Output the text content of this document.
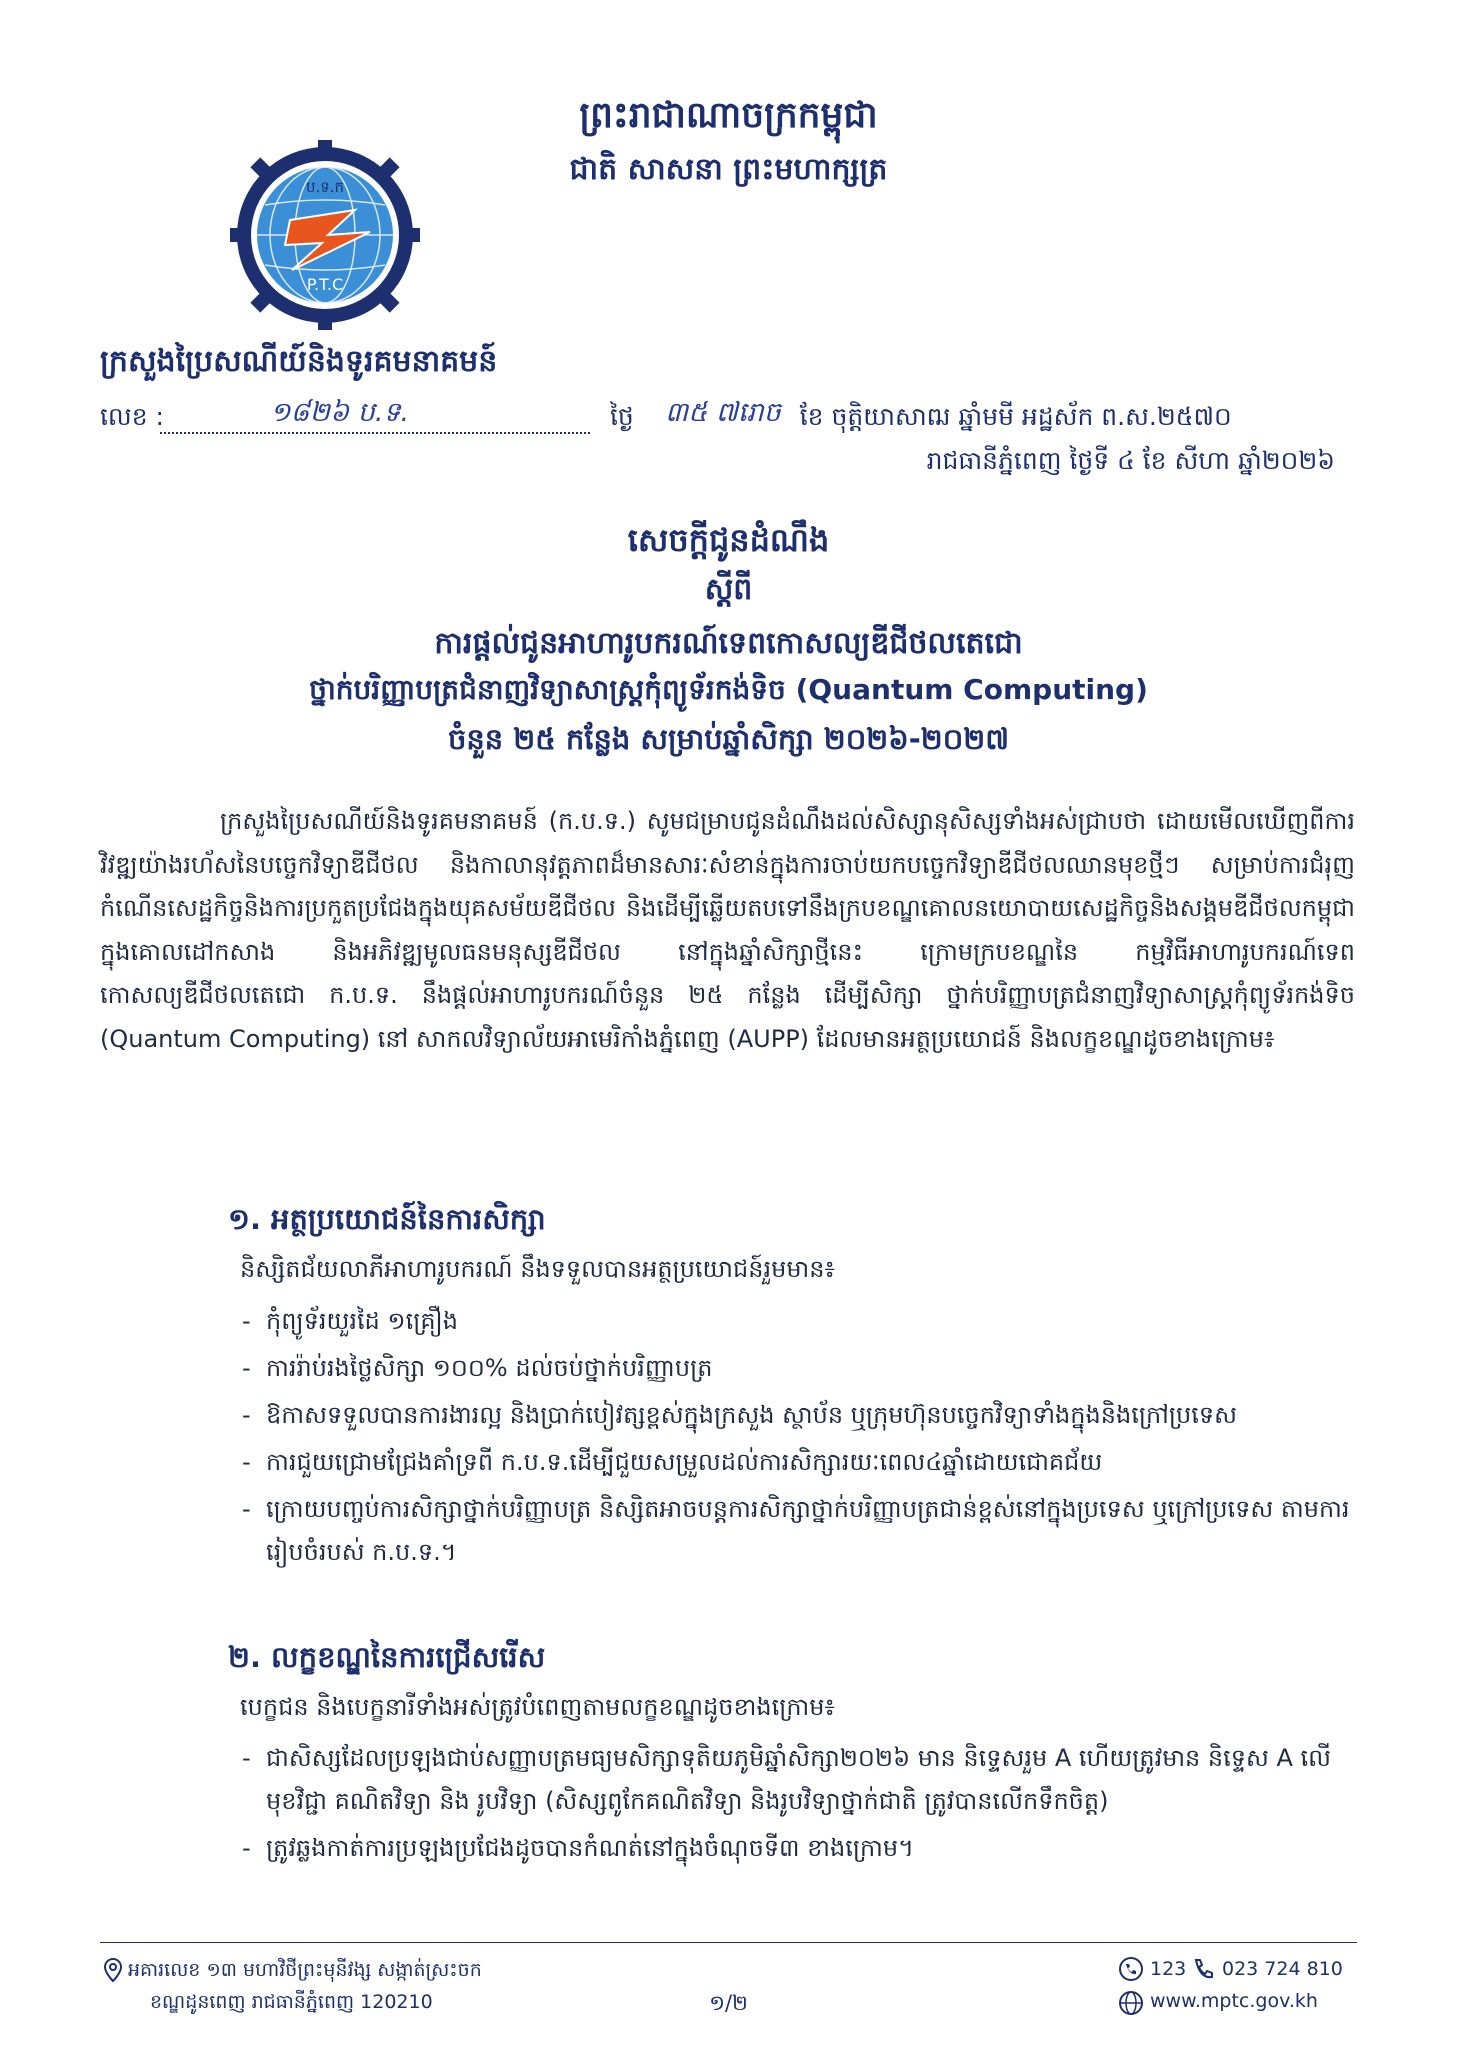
ព្រះរាជាណាចក្រកម្ពុជា
ជាតិ សាសនា ព្រះមហាក្សត្រ
ប.ទ.ក
P.T.C
ក្រសួងប្រៃសណីយ៍និងទូរគមនាគមន៍
លេខ :	១៨២៦ ប.ទ.	ថ្ងៃ	ខែ ចុត្តិយាសាឍ ឆ្នាំមមី អដ្ឋស័ក ព.ស.២៥៧០
៣៥ ៧រោច
រាជធានីភ្នំពេញ ថ្ងៃទី ៤ ខែ សីហា ឆ្នាំ២០២៦
សេចក្តីជូនដំណឹង
ស្តីពី
ការផ្តល់ជូនអាហារូបករណ៍ទេពកោសល្យឌីជីថលតេជោ
ថ្នាក់បរិញ្ញាបត្រជំនាញវិទ្យាសាស្ត្រកុំព្យូទ័រកង់ទិច (Quantum Computing)
ចំនួន ២៥ កន្លែង សម្រាប់ឆ្នាំសិក្សា ២០២៦-២០២៧
ក្រសួងប្រៃសណីយ៍និងទូរគមនាគមន៍ (ក.ប.ទ.) សូមជម្រាបជូនដំណឹងដល់សិស្សានុសិស្សទាំងអស់ជ្រាបថា ដោយមើលឃើញពីការវិវឌ្ឍយ៉ាងរហ័សនៃបច្ចេកវិទ្យាឌីជីថល និងកាលានុវត្តភាពដ៏មានសារៈសំខាន់ក្នុងការចាប់យកបច្ចេកវិទ្យាឌីជីថលឈានមុខថ្មីៗ សម្រាប់ការជំរុញកំណើនសេដ្ឋកិច្ចនិងការប្រកួតប្រជែងក្នុងយុគសម័យឌីជីថល និងដើម្បីឆ្លើយតបទៅនឹងក្របខណ្ឌគោលនយោបាយសេដ្ឋកិច្ចនិងសង្គមឌីជីថលកម្ពុជា ក្នុងគោលដៅកសាង និងអភិវឌ្ឍមូលធនមនុស្សឌីជីថល នៅក្នុងឆ្នាំសិក្សាថ្មីនេះ ក្រោមក្របខណ្ឌនៃ កម្មវិធីអាហារូបករណ៍ទេពកោសល្យឌីជីថលតេជោ ក.ប.ទ. នឹងផ្តល់អាហារូបករណ៍ចំនួន ២៥ កន្លែង ដើម្បីសិក្សា ថ្នាក់បរិញ្ញាបត្រជំនាញវិទ្យាសាស្ត្រកុំព្យូទ័រកង់ទិច (Quantum Computing) នៅ សាកលវិទ្យាល័យអាមេរិកាំងភ្នំពេញ (AUPP) ដែលមានអត្ថប្រយោជន៍ និងលក្ខខណ្ឌដូចខាងក្រោម៖
១. អត្ថប្រយោជន៍នៃការសិក្សា
និស្សិតជ័យលាភីអាហារូបករណ៍ នឹងទទួលបានអត្ថប្រយោជន៍រួមមាន៖
- កុំព្យូទ័រយួរដៃ ១គ្រឿង
- ការរ៉ាប់រងថ្លៃសិក្សា ១០០% ដល់ចប់ថ្នាក់បរិញ្ញាបត្រ
- ឱកាសទទួលបានការងារល្អ និងប្រាក់បៀវត្សខ្ពស់ក្នុងក្រសួង ស្ថាប័ន ឬក្រុមហ៊ុនបច្ចេកវិទ្យាទាំងក្នុងនិងក្រៅប្រទេស
- ការជួយជ្រោមជ្រែងគាំទ្រពី ក.ប.ទ.ដើម្បីជួយសម្រួលដល់ការសិក្សារយៈពេល៤ឆ្នាំដោយជោគជ័យ
- ក្រោយបញ្ចប់ការសិក្សាថ្នាក់បរិញ្ញាបត្រ និស្សិតអាចបន្តការសិក្សាថ្នាក់បរិញ្ញាបត្រជាន់ខ្ពស់នៅក្នុងប្រទេស ឬក្រៅប្រទេស តាមការរៀបចំរបស់ ក.ប.ទ.។
២. លក្ខខណ្ឌនៃការជ្រើសរើស
បេក្ខជន និងបេក្ខនារីទាំងអស់ត្រូវបំពេញតាមលក្ខខណ្ឌដូចខាងក្រោម៖
- ជាសិស្សដែលប្រឡងជាប់សញ្ញាបត្រមធ្យមសិក្សាទុតិយភូមិឆ្នាំសិក្សា២០២៦ មាន និទ្ទេសរួម A ហើយត្រូវមាន និទ្ទេស A លើមុខវិជ្ជា គណិតវិទ្យា និង រូបវិទ្យា (សិស្សពូកែគណិតវិទ្យា និងរូបវិទ្យាថ្នាក់ជាតិ ត្រូវបានលើកទឹកចិត្ត)
- ត្រូវឆ្លងកាត់ការប្រឡងប្រជែងដូចបានកំណត់នៅក្នុងចំណុចទី៣ ខាងក្រោម។
អគារលេខ ១៣ មហាវិថីព្រះមុនីវង្ស សង្កាត់ស្រះចក
ខណ្ឌដូនពេញ រាជធានីភ្នំពេញ 120210	១/២
123 023 724 810
www.mptc.gov.kh
